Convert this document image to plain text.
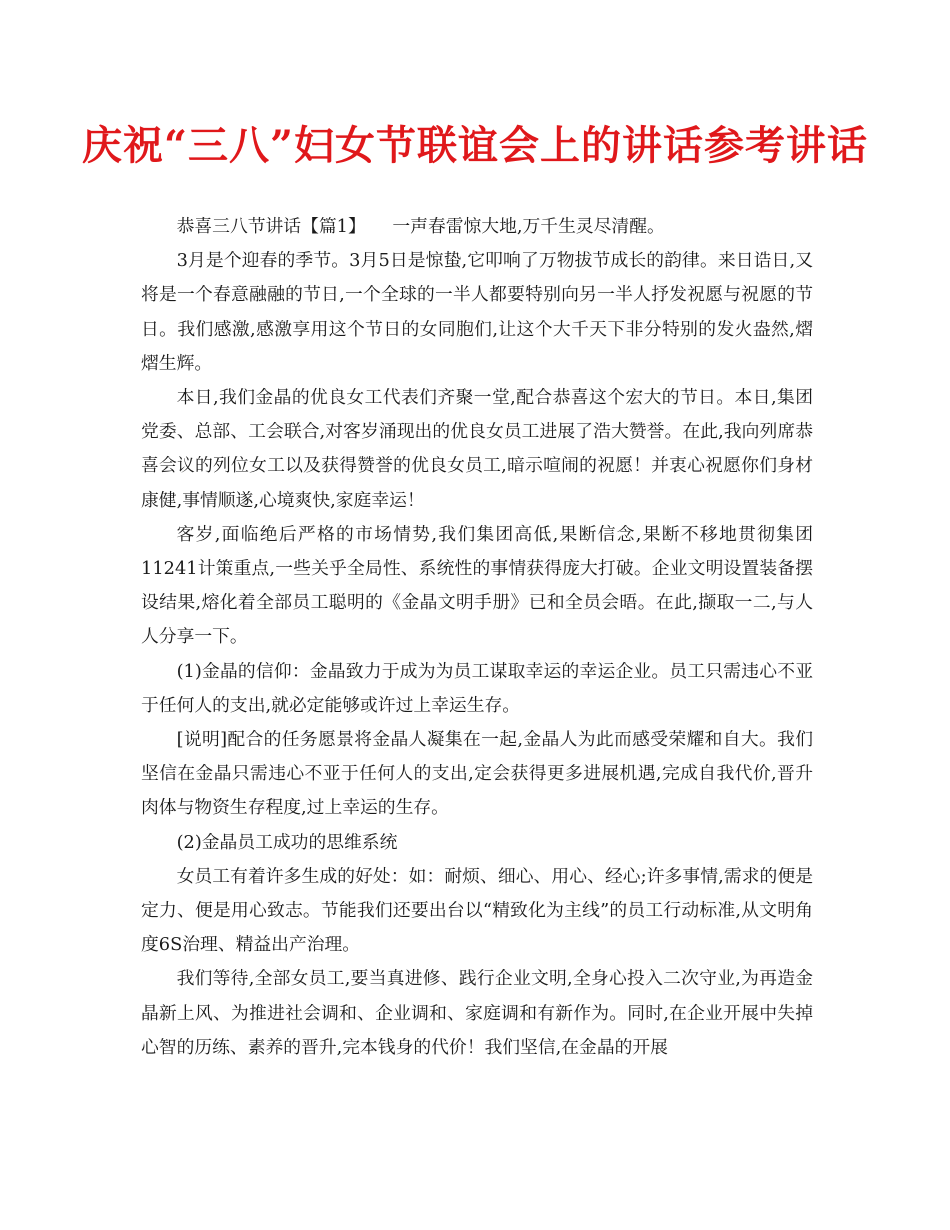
庆祝“三八”妇女节联谊会上的讲话参考讲话

恭喜三八节讲话【篇1】　　一声春雷惊大地,万千生灵尽清醒。

3月是个迎春的季节。3月5日是惊蛰,它叩响了万物拔节成长的韵律。来日诰日,又将是一个春意融融的节日,一个全球的一半人都要特别向另一半人抒发祝愿与祝愿的节日。我们感激,感激享用这个节日的女同胞们,让这个大千天下非分特别的发火盎然,熠熠生辉。

本日,我们金晶的优良女工代表们齐聚一堂,配合恭喜这个宏大的节日。本日,集团党委、总部、工会联合,对客岁涌现出的优良女员工进展了浩大赞誉。在此,我向列席恭喜会议的列位女工以及获得赞誉的优良女员工,暗示喧闹的祝愿！并衷心祝愿你们身材康健,事情顺遂,心境爽快,家庭幸运！

客岁,面临绝后严格的市场情势,我们集团高低,果断信念,果断不移地贯彻集团11241计策重点,一些关乎全局性、系统性的事情获得庞大打破。企业文明设置装备摆设结果,熔化着全部员工聪明的《金晶文明手册》已和全员会晤。在此,撷取一二,与人人分享一下。

(1)金晶的信仰：金晶致力于成为为员工谋取幸运的幸运企业。员工只需违心不亚于任何人的支出,就必定能够或许过上幸运生存。

[说明]配合的任务愿景将金晶人凝集在一起,金晶人为此而感受荣耀和自大。我们坚信在金晶只需违心不亚于任何人的支出,定会获得更多进展机遇,完成自我代价,晋升肉体与物资生存程度,过上幸运的生存。

(2)金晶员工成功的思维系统

女员工有着许多生成的好处：如：耐烦、细心、用心、经心;许多事情,需求的便是定力、便是用心致志。节能我们还要出台以“精致化为主线”的员工行动标准,从文明角度6S治理、精益出产治理。

我们等待,全部女员工,要当真进修、践行企业文明,全身心投入二次守业,为再造金晶新上风、为推进社会调和、企业调和、家庭调和有新作为。同时,在企业开展中失掉心智的历练、素养的晋升,完本钱身的代价！我们坚信,在金晶的开展
